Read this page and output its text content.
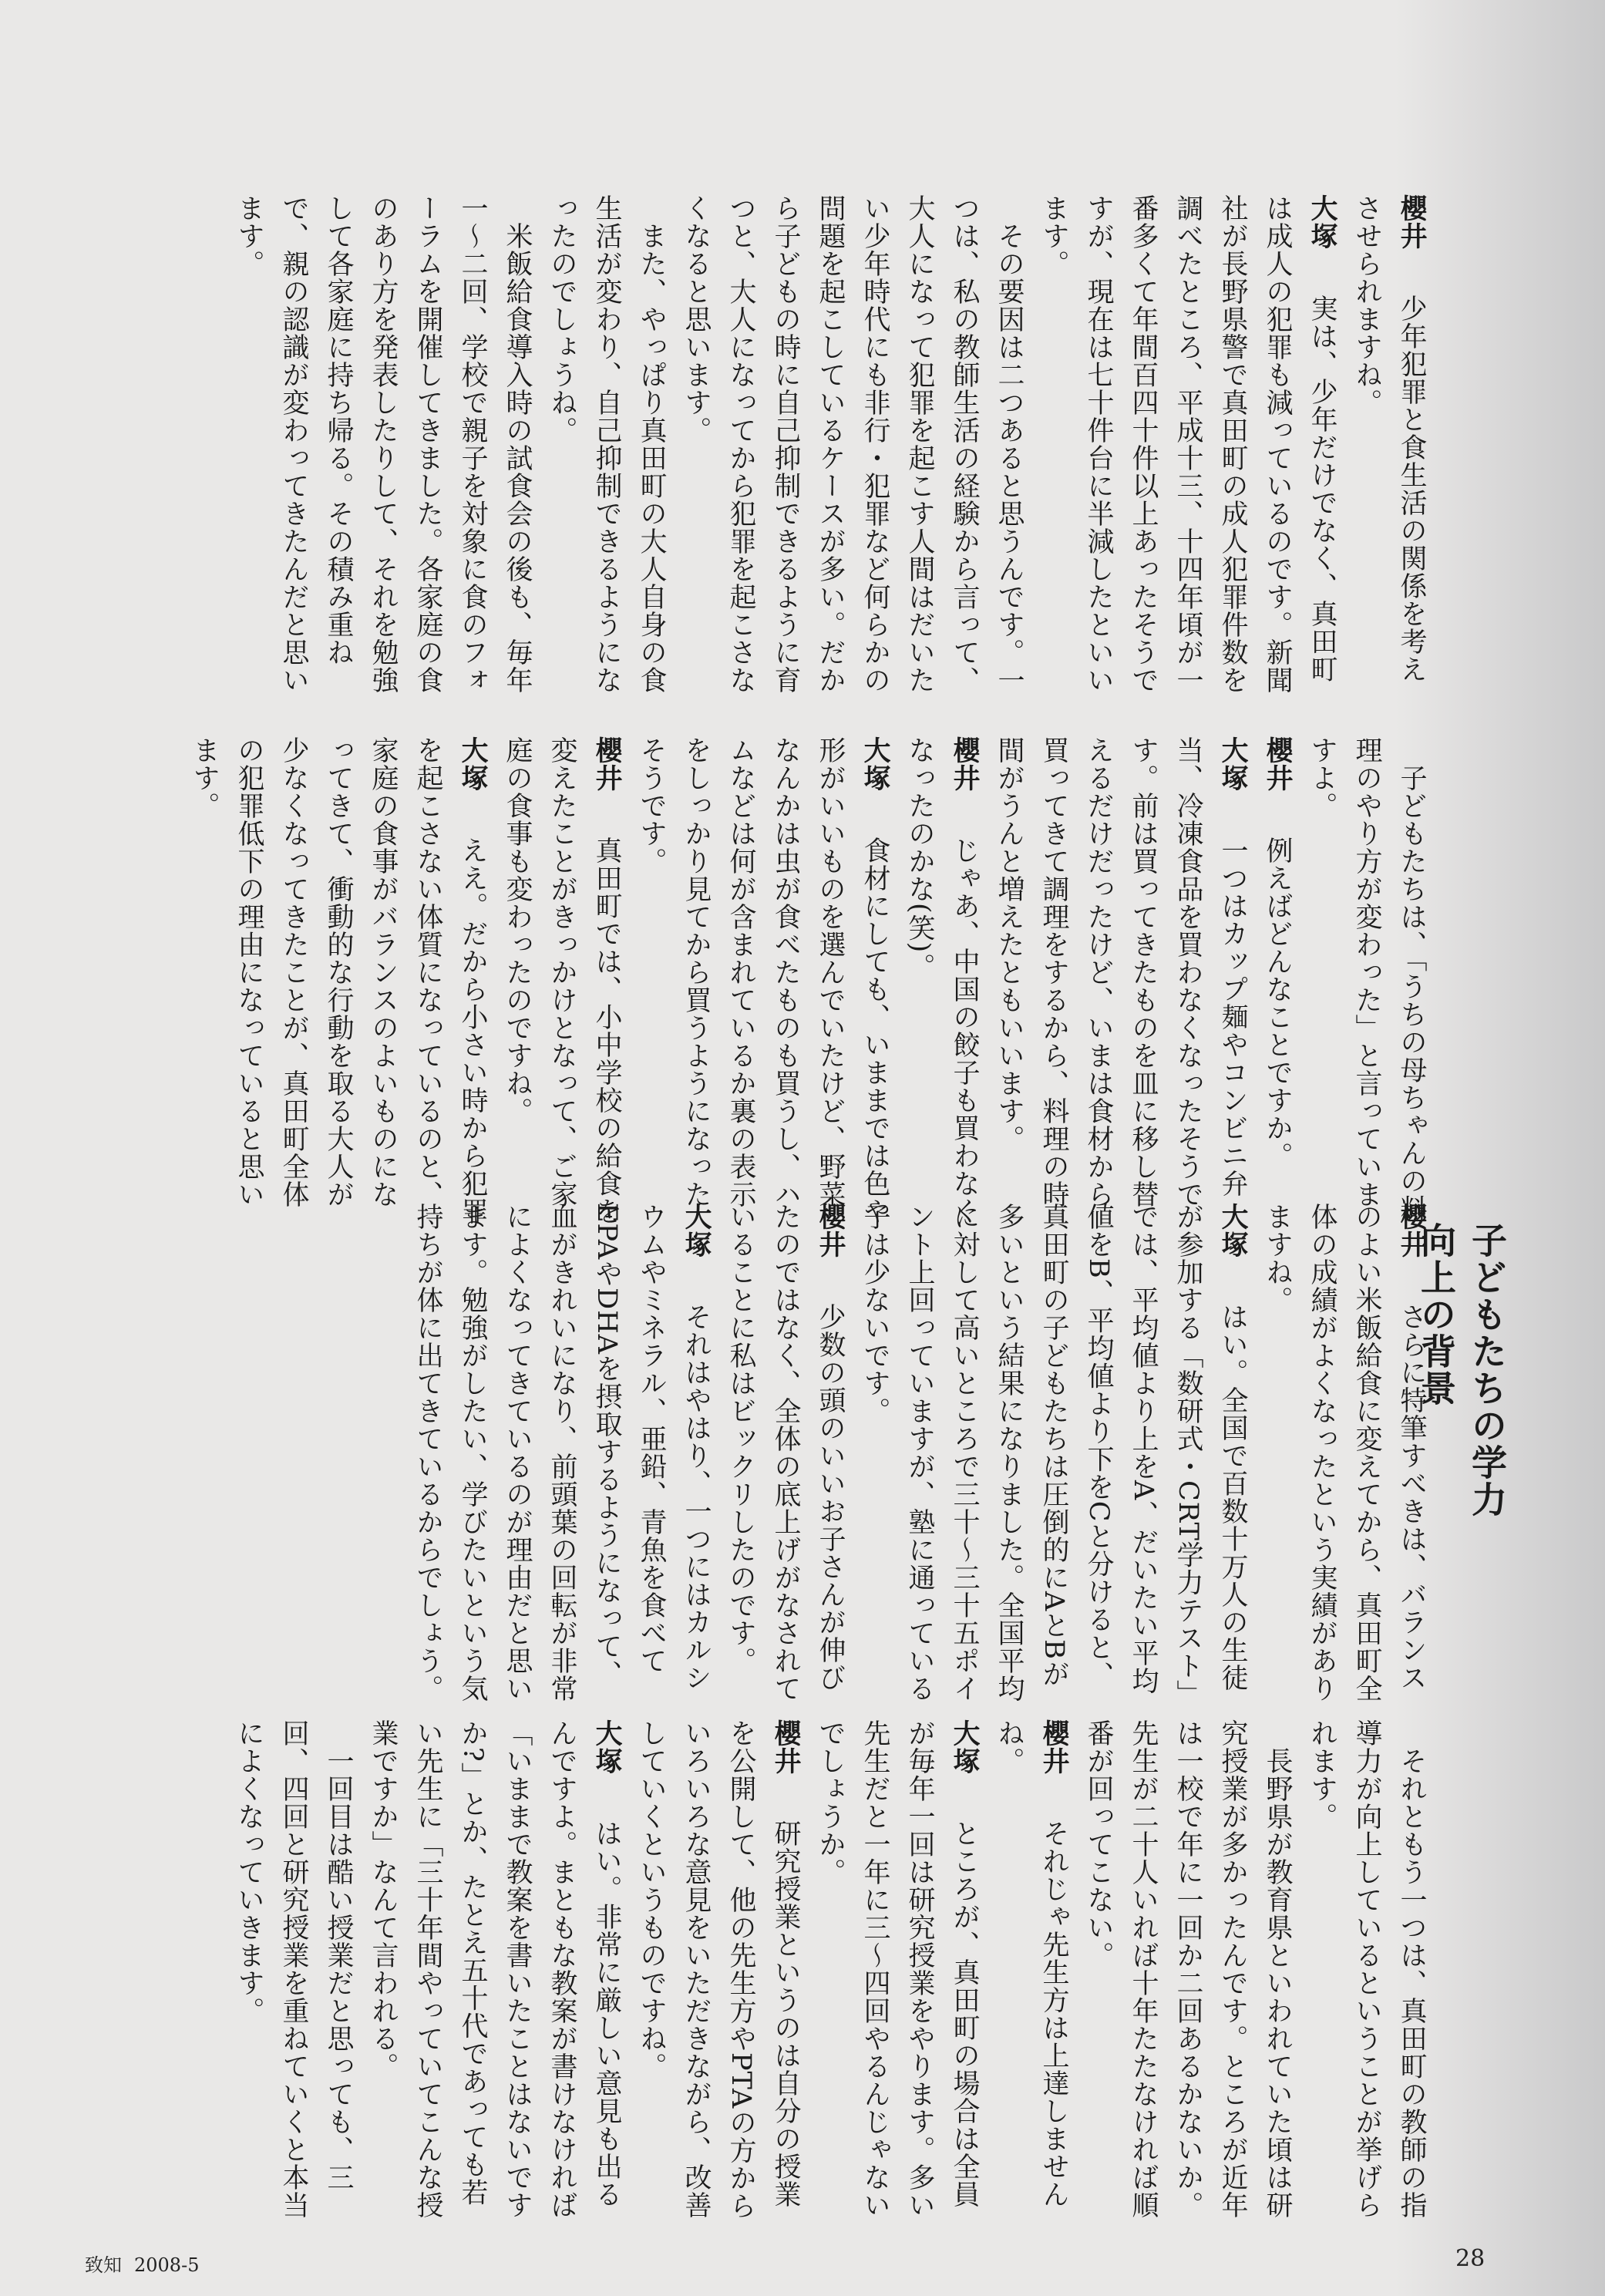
櫻井　少年犯罪と食生活の関係を考えさせられますね。

大塚　実は、少年だけでなく、真田町は成人の犯罪も減っているのです。新聞社が長野県警で真田町の成人犯罪件数を調べたところ、平成十三、十四年頃が一番多くて年間百四十件以上あったそうですが、現在は七十件台に半減したといいます。

　その要因は二つあると思うんです。一つは、私の教師生活の経験から言って、大人になって犯罪を起こす人間はだいたい少年時代にも非行・犯罪など何らかの問題を起こしているケースが多い。だから子どもの時に自己抑制できるように育つと、大人になってから犯罪を起こさなくなると思います。

　また、やっぱり真田町の大人自身の食生活が変わり、自己抑制できるようになったのでしょうね。

　米飯給食導入時の試食会の後も、毎年一〜二回、学校で親子を対象に食のフォーラムを開催してきました。各家庭の食のあり方を発表したりして、それを勉強して各家庭に持ち帰る。その積み重ねで、親の認識が変わってきたんだと思います。

　子どもたちは、「うちの母ちゃんの料理のやり方が変わった」と言っていますよ。

櫻井　例えばどんなことですか。

大塚　一つはカップ麺やコンビニ弁当、冷凍食品を買わなくなったそうです。前は買ってきたものを皿に移し替えるだけだったけど、いまは食材から買ってきて調理をするから、料理の時間がうんと増えたともいいます。

櫻井　じゃあ、中国の餃子も買わなくなったのかな(笑)。

大塚　食材にしても、いままでは色や形がいいものを選んでいたけど、野菜なんかは虫が食べたものも買うし、ハムなどは何が含まれているか裏の表示をしっかり見てから買うようになったそうです。

櫻井　真田町では、小中学校の給食を変えたことがきっかけとなって、ご家庭の食事も変わったのですね。

大塚　ええ。だから小さい時から犯罪を起こさない体質になっているのと、家庭の食事がバランスのよいものになってきて、衝動的な行動を取る大人が少なくなってきたことが、真田町全体の犯罪低下の理由になっていると思います。

子どもたちの学力向上の背景

櫻井　さらに特筆すべきは、バランスのよい米飯給食に変えてから、真田町全体の成績がよくなったという実績がありますね。

大塚　はい。全国で百数十万人の生徒が参加する「数研式・CRT学力テスト」では、平均値より上をA、だいたい平均値をB、平均値より下をCと分けると、真田町の子どもたちは圧倒的にAとBが多いという結果になりました。全国平均に対して高いところで三十〜三十五ポイント上回っていますが、塾に通っている子は少ないです。

櫻井　少数の頭のいいお子さんが伸びたのではなく、全体の底上げがなされていることに私はビックリしたのです。

大塚　それはやはり、一つにはカルシウムやミネラル、亜鉛、青魚を食べてEPAやDHAを摂取するようになって、血がきれいになり、前頭葉の回転が非常によくなってきているのが理由だと思います。勉強がしたい、学びたいという気持ちが体に出てきているからでしょう。

　それともう一つは、真田町の教師の指導力が向上しているということが挙げられます。

　長野県が教育県といわれていた頃は研究授業が多かったんです。ところが近年は一校で年に一回か二回あるかないか。先生が二十人いれば十年たたなければ順番が回ってこない。

櫻井　それじゃ先生方は上達しませんね。

大塚　ところが、真田町の場合は全員が毎年一回は研究授業をやります。多い先生だと一年に三〜四回やるんじゃないでしょうか。

櫻井　研究授業というのは自分の授業を公開して、他の先生方やPTAの方からいろいろな意見をいただきながら、改善していくというものですね。

大塚　はい。非常に厳しい意見も出るんですよ。まともな教案が書けなければ「いままで教案を書いたことはないですか?」とか、たとえ五十代であっても若い先生に「三十年間やっていてこんな授業ですか」なんて言われる。

　一回目は酷い授業だと思っても、三回、四回と研究授業を重ねていくと本当によくなっていきます。

致知 2008-5	28
